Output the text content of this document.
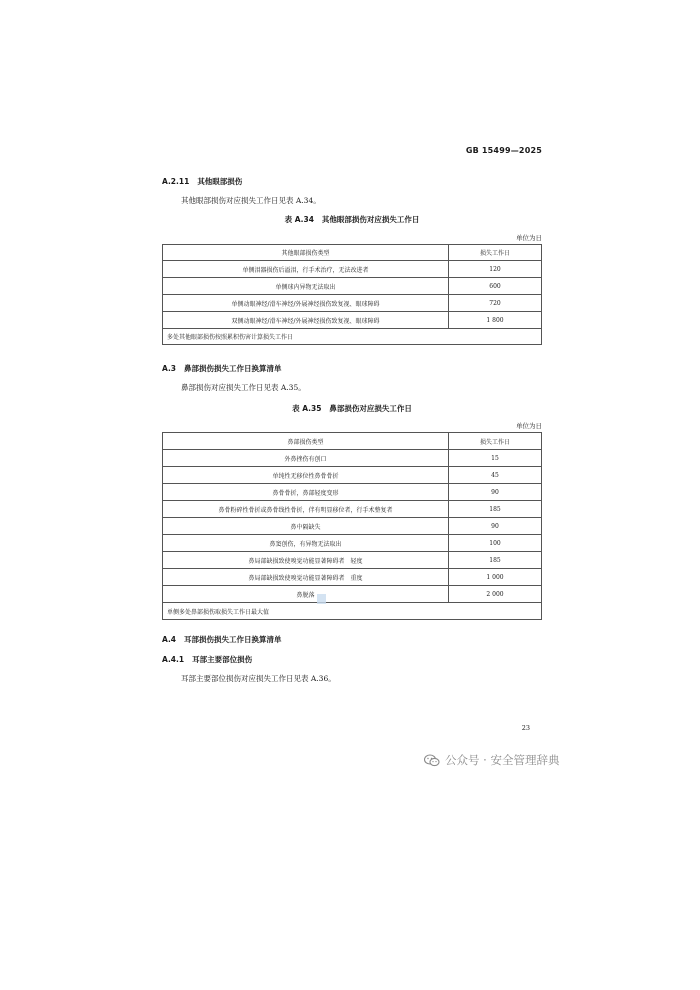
GB 15499—2025
A.2.11 其他眼部损伤
其他眼部损伤对应损失工作日见表 A.34。
表 A.34 其他眼部损伤对应损失工作日
单位为日
其他眼部损伤类型	损失工作日
单侧泪器损伤后溢泪，行手术治疗，无法改进者	120
单侧球内异物无法取出	600
单侧动眼神经/滑车神经/外展神经损伤致复视、眼球障碍	720
双侧动眼神经/滑车神经/外展神经损伤致复视、眼球障碍	1 800
多处其他眼部损伤按照累积伤害计算损失工作日	
A.3 鼻部损伤损失工作日换算清单
鼻部损伤对应损失工作日见表 A.35。
表 A.35 鼻部损伤对应损失工作日
单位为日
鼻部损伤类型	损失工作日
外鼻挫伤有创口	15
单纯性无移位性鼻骨骨折	45
鼻骨骨折，鼻部轻度变形	90
鼻骨粉碎性骨折或鼻骨线性骨折，伴有明显移位者，行手术整复者	185
鼻中隔缺失	90
鼻窦创伤，有异物无法取出	100
鼻局部缺损致使嗅觉功能显著障碍者　轻度	185
鼻局部缺损致使嗅觉功能显著障碍者　重度	1 000
鼻脱落	2 000
单侧多处鼻部损伤取损失工作日最大值	
A.4 耳部损伤损失工作日换算清单
A.4.1 耳部主要部位损伤
耳部主要部位损伤对应损失工作日见表 A.36。
23
公众号 · 安全管理辞典
